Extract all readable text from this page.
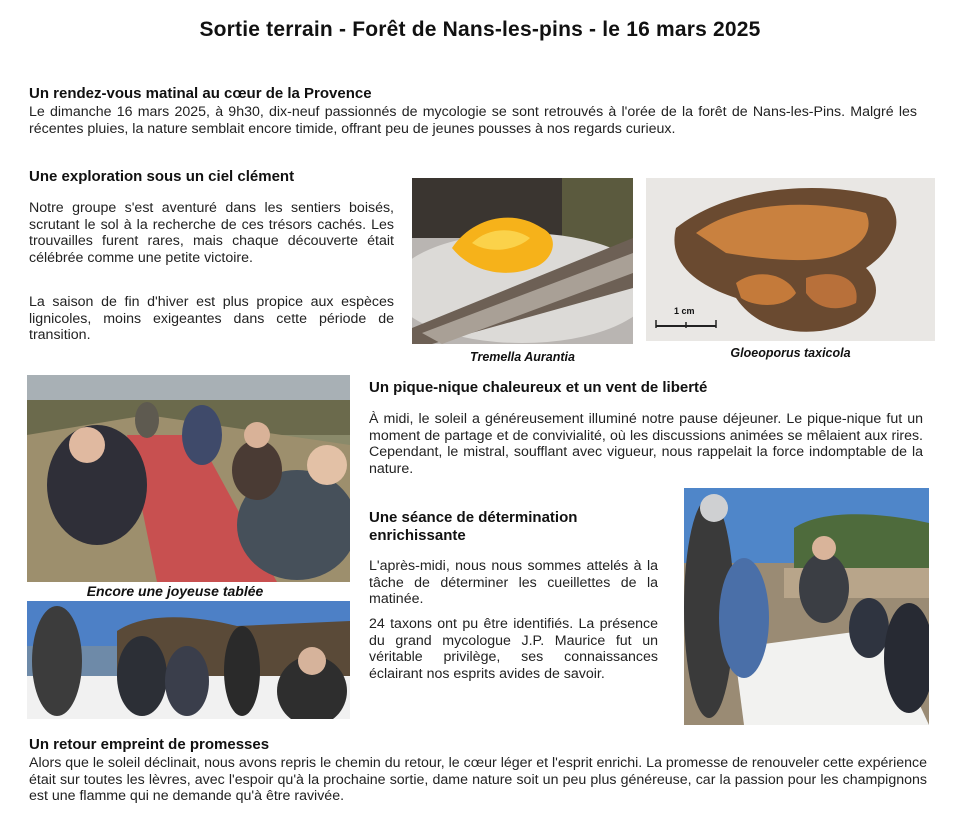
Sortie terrain - Forêt de Nans-les-pins - le 16 mars 2025
Un rendez-vous matinal au cœur de la Provence
Le dimanche 16 mars 2025, à 9h30, dix-neuf passionnés de mycologie se sont retrouvés à l'orée de la forêt de Nans-les-Pins. Malgré les récentes pluies, la nature semblait encore timide, offrant peu de jeunes pousses à nos regards curieux.
Une exploration sous un ciel clément
Notre groupe s'est aventuré dans les sentiers boisés, scrutant le sol à la recherche de ces trésors cachés. Les trouvailles furent rares, mais chaque découverte était célébrée comme une petite victoire.
La saison de fin d'hiver est plus propice aux espèces lignicoles, moins exigeantes dans cette période de transition.
Tremella Aurantia
1 cm
Gloeoporus taxicola
Encore une joyeuse tablée
Un pique-nique chaleureux et un vent de liberté
À midi, le soleil a généreusement illuminé notre pause déjeuner. Le pique-nique fut un moment de partage et de convivialité, où les discussions animées se mêlaient aux rires. Cependant, le mistral, soufflant avec vigueur, nous rappelait la force indomptable de la nature.
Une séance de détermination
enrichissante
L'après-midi, nous nous sommes attelés à la tâche de déterminer les cueillettes de la matinée.
24 taxons ont pu être identifiés. La présence du grand mycologue J.P. Maurice fut un véritable privilège, ses connaissances éclairant nos esprits avides de savoir.
Un retour empreint de promesses
Alors que le soleil déclinait, nous avons repris le chemin du retour, le cœur léger et l'esprit enrichi. La promesse de renouveler cette expérience était sur toutes les lèvres, avec l'espoir qu'à la prochaine sortie, dame nature soit un peu plus généreuse, car la passion pour les champignons est une flamme qui ne demande qu'à être ravivée.
